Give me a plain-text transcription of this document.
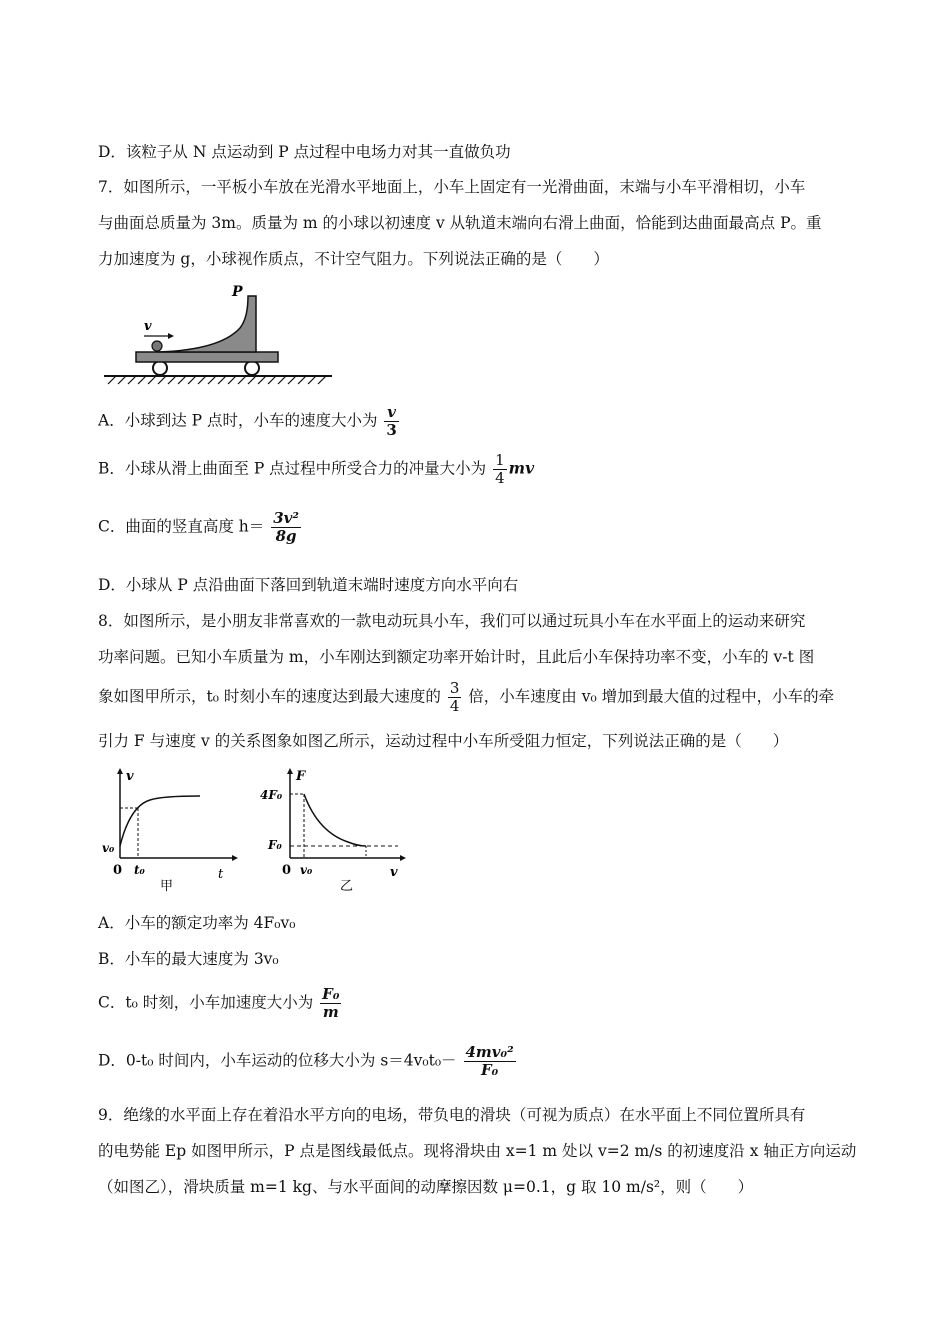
D．该粒子从 N 点运动到 P 点过程中电场力对其一直做负功
7．如图所示，一平板小车放在光滑水平地面上，小车上固定有一光滑曲面，末端与小车平滑相切，小车
与曲面总质量为 3m。质量为 m 的小球以初速度 v 从轨道末端向右滑上曲面，恰能到达曲面最高点 P。重
力加速度为 g，小球视作质点，不计空气阻力。下列说法正确的是（　　）
v
P
A．小球到达 P 点时，小车的速度大小为 $\frac{v}{3}$
B．小球从滑上曲面至 P 点过程中所受合力的冲量大小为 $\frac{1}{4}$ mv
C．曲面的竖直高度 $h= \frac{\text{3v²}}{8g}$
D．小球从 P 点沿曲面下落回到轨道末端时速度方向水平向右
8．如图所示，是小朋友非常喜欢的一款电动玩具小车，我们可以通过玩具小车在水平面上的运动来研究
功率问题。已知小车质量为 m，小车刚达到额定功率开始计时，且此后小车保持功率不变，小车的 v-t 图
象如图甲所示，t₀ 时刻小车的速度达到最大速度的 $\frac{3}{4}$ 倍，小车速度由 v₀ 增加到最大值的过程中，小车的牵
引力 F 与速度 v 的关系图象如图乙所示，运动过程中小车所受阻力恒定，下列说法正确的是（　　）
v
t
0
v₀
t₀
甲
F
v
0
4F₀
F₀
v₀
乙
A．小车的额定功率为 4F₀v₀
B．小车的最大速度为 3v₀
C．t₀ 时刻，小车加速度大小为 $\frac{\text{F₀}}{m}$
D．0-t₀ 时间内，小车运动的位移大小为 $s=4v_0t_0- \frac{\text{4mv₀²}}{\text{F₀}}$
9．绝缘的水平面上存在着沿水平方向的电场，带负电的滑块（可视为质点）在水平面上不同位置所具有
的电势能 Ep 如图甲所示，P 点是图线最低点。现将滑块由 x=1 m 处以 v=2 m/s 的初速度沿 x 轴正方向运动
（如图乙），滑块质量 m=1 kg、与水平面间的动摩擦因数 μ=0.1，g 取 10 m/s²，则（　　）
